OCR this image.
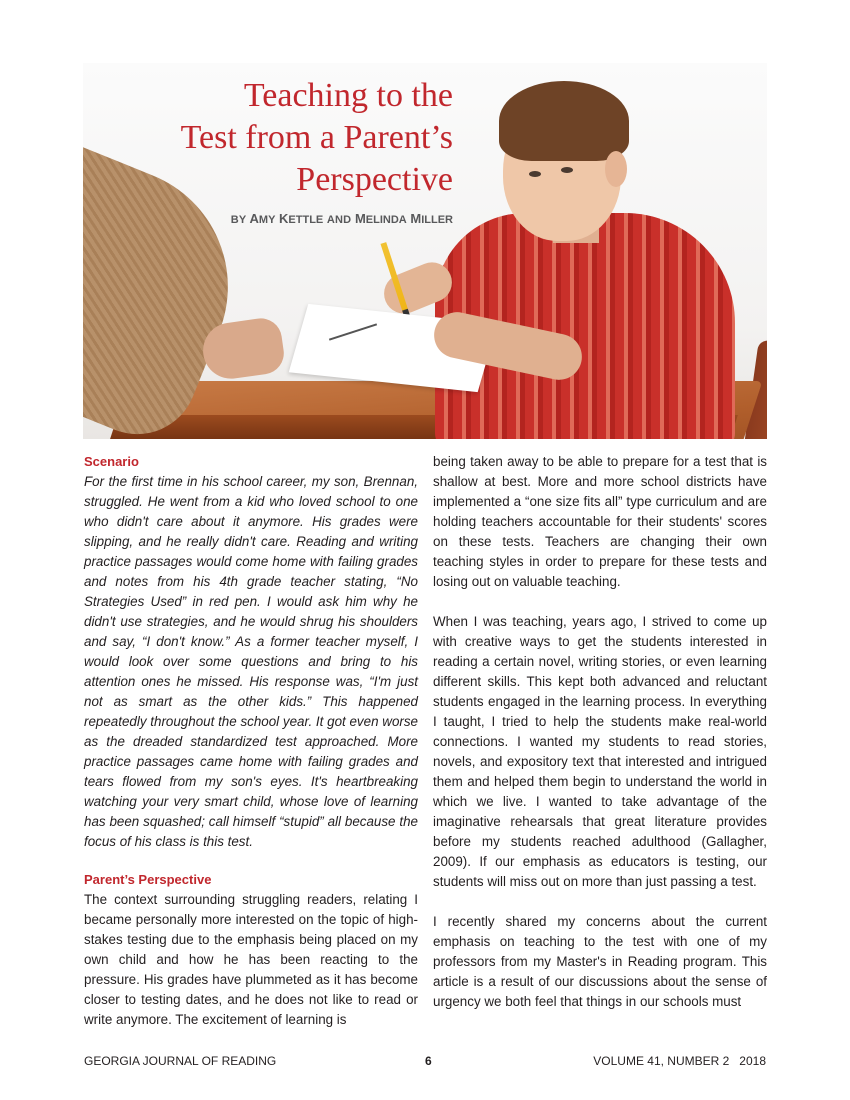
Teaching to the
Test from a Parent’s
Perspective
BY AMY KETTLE AND MELINDA MILLER
Scenario

For the first time in his school career, my son, Brennan, struggled. He went from a kid who loved school to one who didn't care about it anymore. His grades were slipping, and he really didn't care. Reading and writing practice passages would come home with failing grades and notes from his 4th grade teacher stating, “No Strategies Used” in red pen. I would ask him why he didn't use strategies, and he would shrug his shoulders and say, “I don't know.” As a former teacher myself, I would look over some questions and bring to his attention ones he missed. His response was, “I'm just not as smart as the other kids.” This happened repeatedly throughout the school year. It got even worse as the dreaded standardized test approached. More practice passages came home with failing grades and tears flowed from my son's eyes. It's heartbreaking watching your very smart child, whose love of learning has been squashed; call himself “stupid” all because the focus of his class is this test.

Parent’s Perspective

The context surrounding struggling readers, relating I became personally more interested on the topic of high-stakes testing due to the emphasis being placed on my own child and how he has been reacting to the pressure. His grades have plummeted as it has become closer to testing dates, and he does not like to read or write anymore. The excitement of learning is

being taken away to be able to prepare for a test that is shallow at best. More and more school districts have implemented a “one size fits all” type curriculum and are holding teachers accountable for their students' scores on these tests. Teachers are changing their own teaching styles in order to prepare for these tests and losing out on valuable teaching.

When I was teaching, years ago, I strived to come up with creative ways to get the students interested in reading a certain novel, writing stories, or even learning different skills. This kept both advanced and reluctant students engaged in the learning process. In everything I taught, I tried to help the students make real-world connections. I wanted my students to read stories, novels, and expository text that interested and intrigued them and helped them begin to understand the world in which we live. I wanted to take advantage of the imaginative rehearsals that great literature provides before my students reached adulthood (Gallagher, 2009). If our emphasis as educators is testing, our students will miss out on more than just passing a test.

I recently shared my concerns about the current emphasis on teaching to the test with one of my professors from my Master's in Reading program. This article is a result of our discussions about the sense of urgency we both feel that things in our schools must

GEORGIA JOURNAL OF READING	6	VOLUME 41, NUMBER 2   2018
